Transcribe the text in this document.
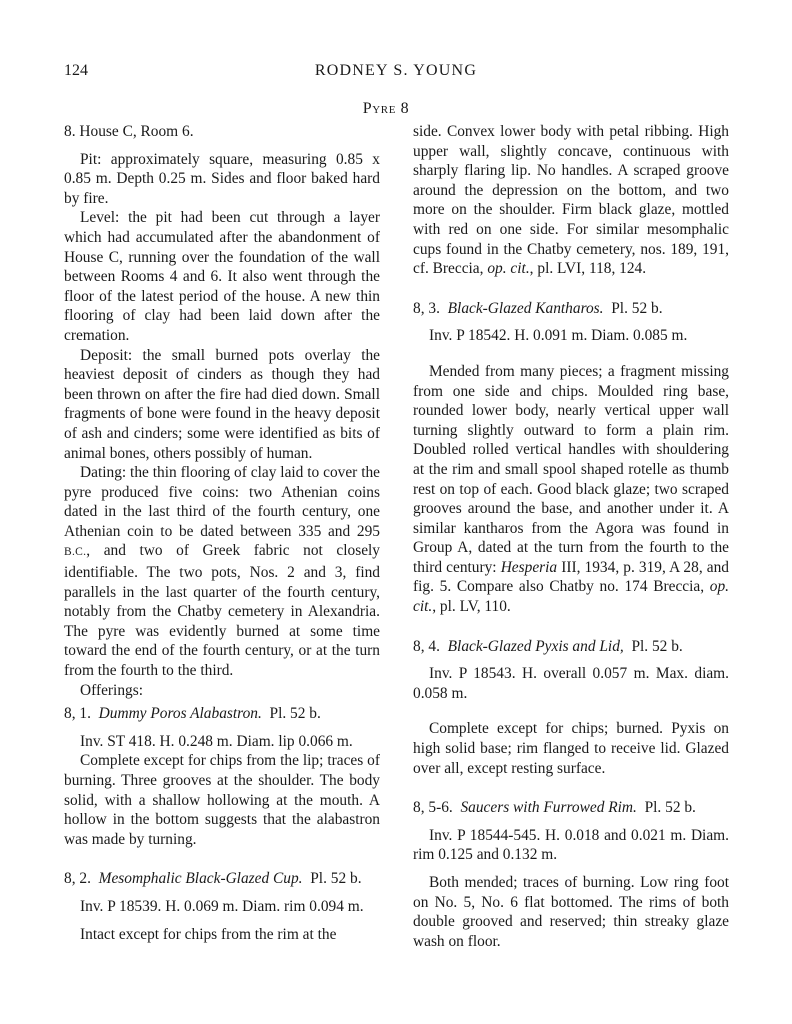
124	RODNEY S. YOUNG
Pyre 8

8. House C, Room 6.

Pit: approximately square, measuring 0.85 x 0.85 m. Depth 0.25 m. Sides and floor baked hard by fire.

Level: the pit had been cut through a layer which had accumulated after the abandonment of House C, running over the foundation of the wall between Rooms 4 and 6. It also went through the floor of the latest period of the house. A new thin flooring of clay had been laid down after the cremation.

Deposit: the small burned pots overlay the heaviest deposit of cinders as though they had been thrown on after the fire had died down. Small fragments of bone were found in the heavy deposit of ash and cinders; some were identified as bits of animal bones, others possibly of human.

Dating: the thin flooring of clay laid to cover the pyre produced five coins: two Athenian coins dated in the last third of the fourth century, one Athenian coin to be dated between 335 and 295 B.C., and two of Greek fabric not closely identifiable. The two pots, Nos. 2 and 3, find parallels in the last quarter of the fourth century, notably from the Chatby cemetery in Alexandria. The pyre was evidently burned at some time toward the end of the fourth century, or at the turn from the fourth to the third.

Offerings:

8, 1. Dummy Poros Alabastron. Pl. 52 b.

Inv. ST 418. H. 0.248 m. Diam. lip 0.066 m.

Complete except for chips from the lip; traces of burning. Three grooves at the shoulder. The body solid, with a shallow hollowing at the mouth. A hollow in the bottom suggests that the alabastron was made by turning.

8, 2. Mesomphalic Black-Glazed Cup. Pl. 52 b.

Inv. P 18539. H. 0.069 m. Diam. rim 0.094 m.

Intact except for chips from the rim at the

side. Convex lower body with petal ribbing. High upper wall, slightly concave, continuous with sharply flaring lip. No handles. A scraped groove around the depression on the bottom, and two more on the shoulder. Firm black glaze, mottled with red on one side. For similar mesomphalic cups found in the Chatby cemetery, nos. 189, 191, cf. Breccia, op. cit., pl. LVI, 118, 124.

8, 3. Black-Glazed Kantharos. Pl. 52 b.

Inv. P 18542. H. 0.091 m. Diam. 0.085 m.

Mended from many pieces; a fragment missing from one side and chips. Moulded ring base, rounded lower body, nearly vertical upper wall turning slightly outward to form a plain rim. Doubled rolled vertical handles with shouldering at the rim and small spool shaped rotelle as thumb rest on top of each. Good black glaze; two scraped grooves around the base, and another under it. A similar kantharos from the Agora was found in Group A, dated at the turn from the fourth to the third century: Hesperia III, 1934, p. 319, A 28, and fig. 5. Compare also Chatby no. 174 Breccia, op. cit., pl. LV, 110.

8, 4. Black-Glazed Pyxis and Lid, Pl. 52 b.

Inv. P 18543. H. overall 0.057 m. Max. diam. 0.058 m.

Complete except for chips; burned. Pyxis on high solid base; rim flanged to receive lid. Glazed over all, except resting surface.

8, 5-6. Saucers with Furrowed Rim. Pl. 52 b.

Inv. P 18544-545. H. 0.018 and 0.021 m. Diam. rim 0.125 and 0.132 m.

Both mended; traces of burning. Low ring foot on No. 5, No. 6 flat bottomed. The rims of both double grooved and reserved; thin streaky glaze wash on floor.
